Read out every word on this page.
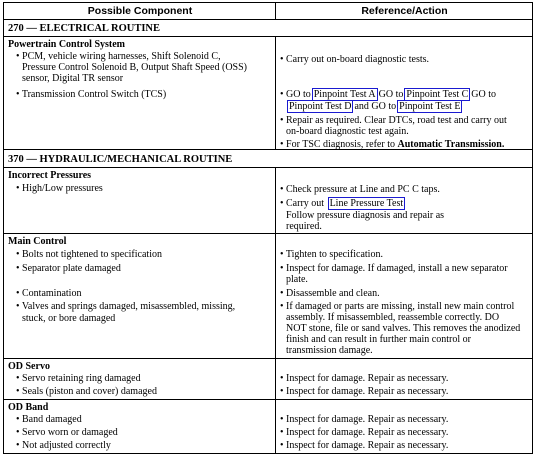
Possible Component	Reference/Action
270 — ELECTRICAL ROUTINE
Powertrain Control System
• PCM, vehicle wiring harnesses, Shift Solenoid C,
Pressure Control Solenoid B, Output Shaft Speed (OSS)
sensor, Digital TR sensor
• Transmission Control Switch (TCS)
• Carry out on-board diagnostic tests.
• GO to Pinpoint Test A GO to Pinpoint Test C GO to
Pinpoint Test D and GO to Pinpoint Test E
• Repair as required. Clear DTCs, road test and carry out
on-board diagnostic test again.
• For TSC diagnosis, refer to Automatic Transmission.
370 — HYDRAULIC/MECHANICAL ROUTINE
Incorrect Pressures
• High/Low pressures	• Check pressure at Line and PC C taps.
• Carry out Line Pressure Test
Follow pressure diagnosis and repair as
required.
Main Control
• Bolts not tightened to specification
• Separator plate damaged
• Contamination
• Valves and springs damaged, misassembled, missing,
stuck, or bore damaged
• Tighten to specification.
• Inspect for damage. If damaged, install a new separator
plate.
• Disassemble and clean.
• If damaged or parts are missing, install new main control
assembly. If misassembled, reassemble correctly. DO
NOT stone, file or sand valves. This removes the anodized
finish and can result in further main control or
transmission damage.
OD Servo
• Servo retaining ring damaged
• Seals (piston and cover) damaged
• Inspect for damage. Repair as necessary.
• Inspect for damage. Repair as necessary.
OD Band
• Band damaged
• Servo worn or damaged
• Not adjusted correctly
• Inspect for damage. Repair as necessary.
• Inspect for damage. Repair as necessary.
• Inspect for damage. Repair as necessary.
